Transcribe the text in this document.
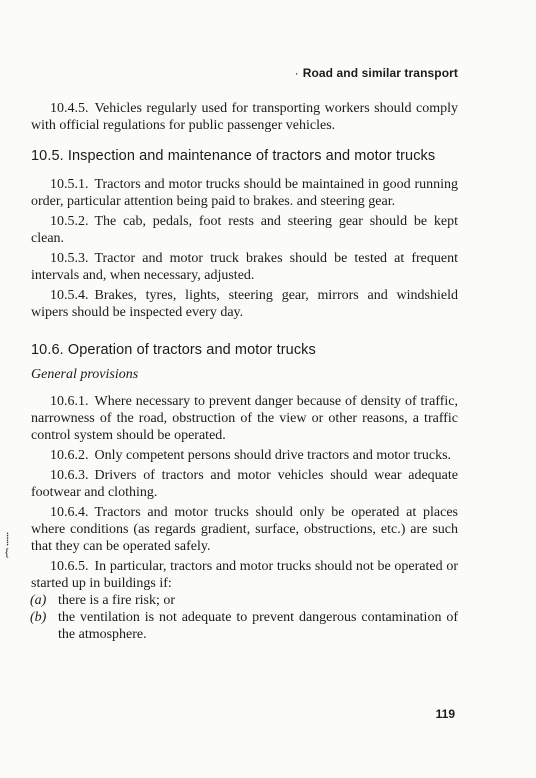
· Road and similar transport

10.4.5. Vehicles regularly used for transporting workers should comply with official regulations for public passenger vehicles.

10.5. Inspection and maintenance of tractors and motor trucks

10.5.1. Tractors and motor trucks should be maintained in good running order, particular attention being paid to brakes. and steering gear.

10.5.2. The cab, pedals, foot rests and steering gear should be kept clean.

10.5.3. Tractor and motor truck brakes should be tested at frequent intervals and, when necessary, adjusted.

10.5.4. Brakes, tyres, lights, steering gear, mirrors and windshield wipers should be inspected every day.

10.6. Operation of tractors and motor trucks
General provisions

10.6.1. Where necessary to prevent danger because of density of traffic, narrowness of the road, obstruction of the view or other reasons, a traffic control system should be operated.

10.6.2. Only competent persons should drive tractors and motor trucks.

10.6.3. Drivers of tractors and motor vehicles should wear adequate footwear and clothing.

10.6.4. Tractors and motor trucks should only be operated at places where conditions (as regards gradient, surface, obstructions, etc.) are such that they can be operated safely.

10.6.5. In particular, tractors and motor trucks should not be operated or started up in buildings if:

(a) there is a fire risk; or
(b) the ventilation is not adequate to prevent dangerous contamination of the atmosphere.
⸽
{
119
